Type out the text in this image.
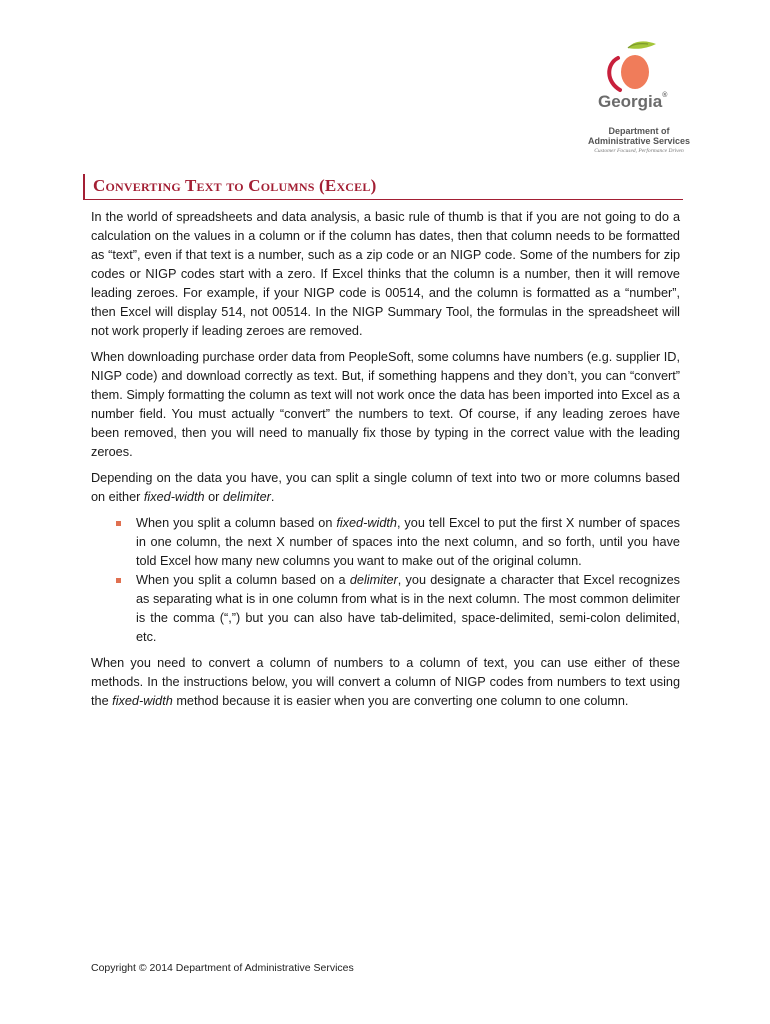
Georgia®
Department of
Administrative Services
Customer Focused, Performance Driven
Converting Text to Columns (Excel)

In the world of spreadsheets and data analysis, a basic rule of thumb is that if you are not going to do a calculation on the values in a column or if the column has dates, then that column needs to be formatted as “text”, even if that text is a number, such as a zip code or an NIGP code. Some of the numbers for zip codes or NIGP codes start with a zero. If Excel thinks that the column is a number, then it will remove leading zeroes. For example, if your NIGP code is 00514, and the column is formatted as a “number”, then Excel will display 514, not 00514. In the NIGP Summary Tool, the formulas in the spreadsheet will not work properly if leading zeroes are removed.

When downloading purchase order data from PeopleSoft, some columns have numbers (e.g. supplier ID, NIGP code) and download correctly as text. But, if something happens and they don’t, you can “convert” them. Simply formatting the column as text will not work once the data has been imported into Excel as a number field. You must actually “convert” the numbers to text. Of course, if any leading zeroes have been removed, then you will need to manually fix those by typing in the correct value with the leading zeroes.

Depending on the data you have, you can split a single column of text into two or more columns based on either fixed-width or delimiter.

When you split a column based on fixed-width, you tell Excel to put the first X number of spaces in one column, the next X number of spaces into the next column, and so forth, until you have told Excel how many new columns you want to make out of the original column.
When you split a column based on a delimiter, you designate a character that Excel recognizes as separating what is in one column from what is in the next column. The most common delimiter is the comma (“,”) but you can also have tab-delimited, space-delimited, semi-colon delimited, etc.

When you need to convert a column of numbers to a column of text, you can use either of these methods. In the instructions below, you will convert a column of NIGP codes from numbers to text using the fixed-width method because it is easier when you are converting one column to one column.

Copyright © 2014 Department of Administrative Services
